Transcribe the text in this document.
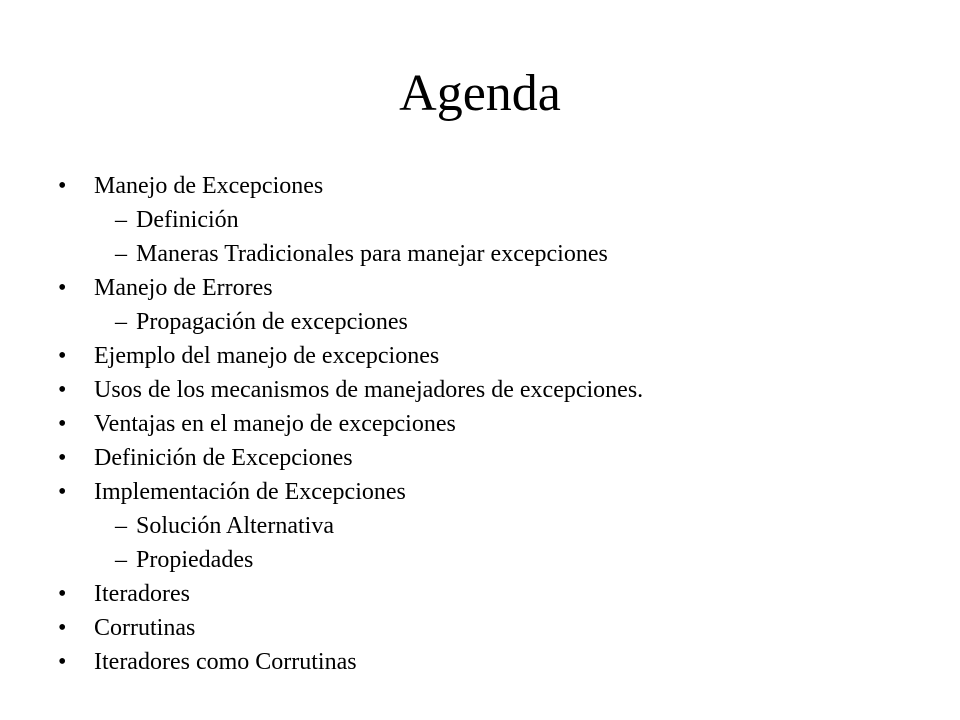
Agenda
• Manejo de Excepciones
– Definición
– Maneras Tradicionales para manejar excepciones
• Manejo de Errores
– Propagación de excepciones
• Ejemplo del manejo de excepciones
• Usos de los mecanismos de manejadores de excepciones.
• Ventajas en el manejo de excepciones
• Definición de Excepciones
• Implementación de Excepciones
– Solución Alternativa
– Propiedades
• Iteradores
• Corrutinas
• Iteradores como Corrutinas
